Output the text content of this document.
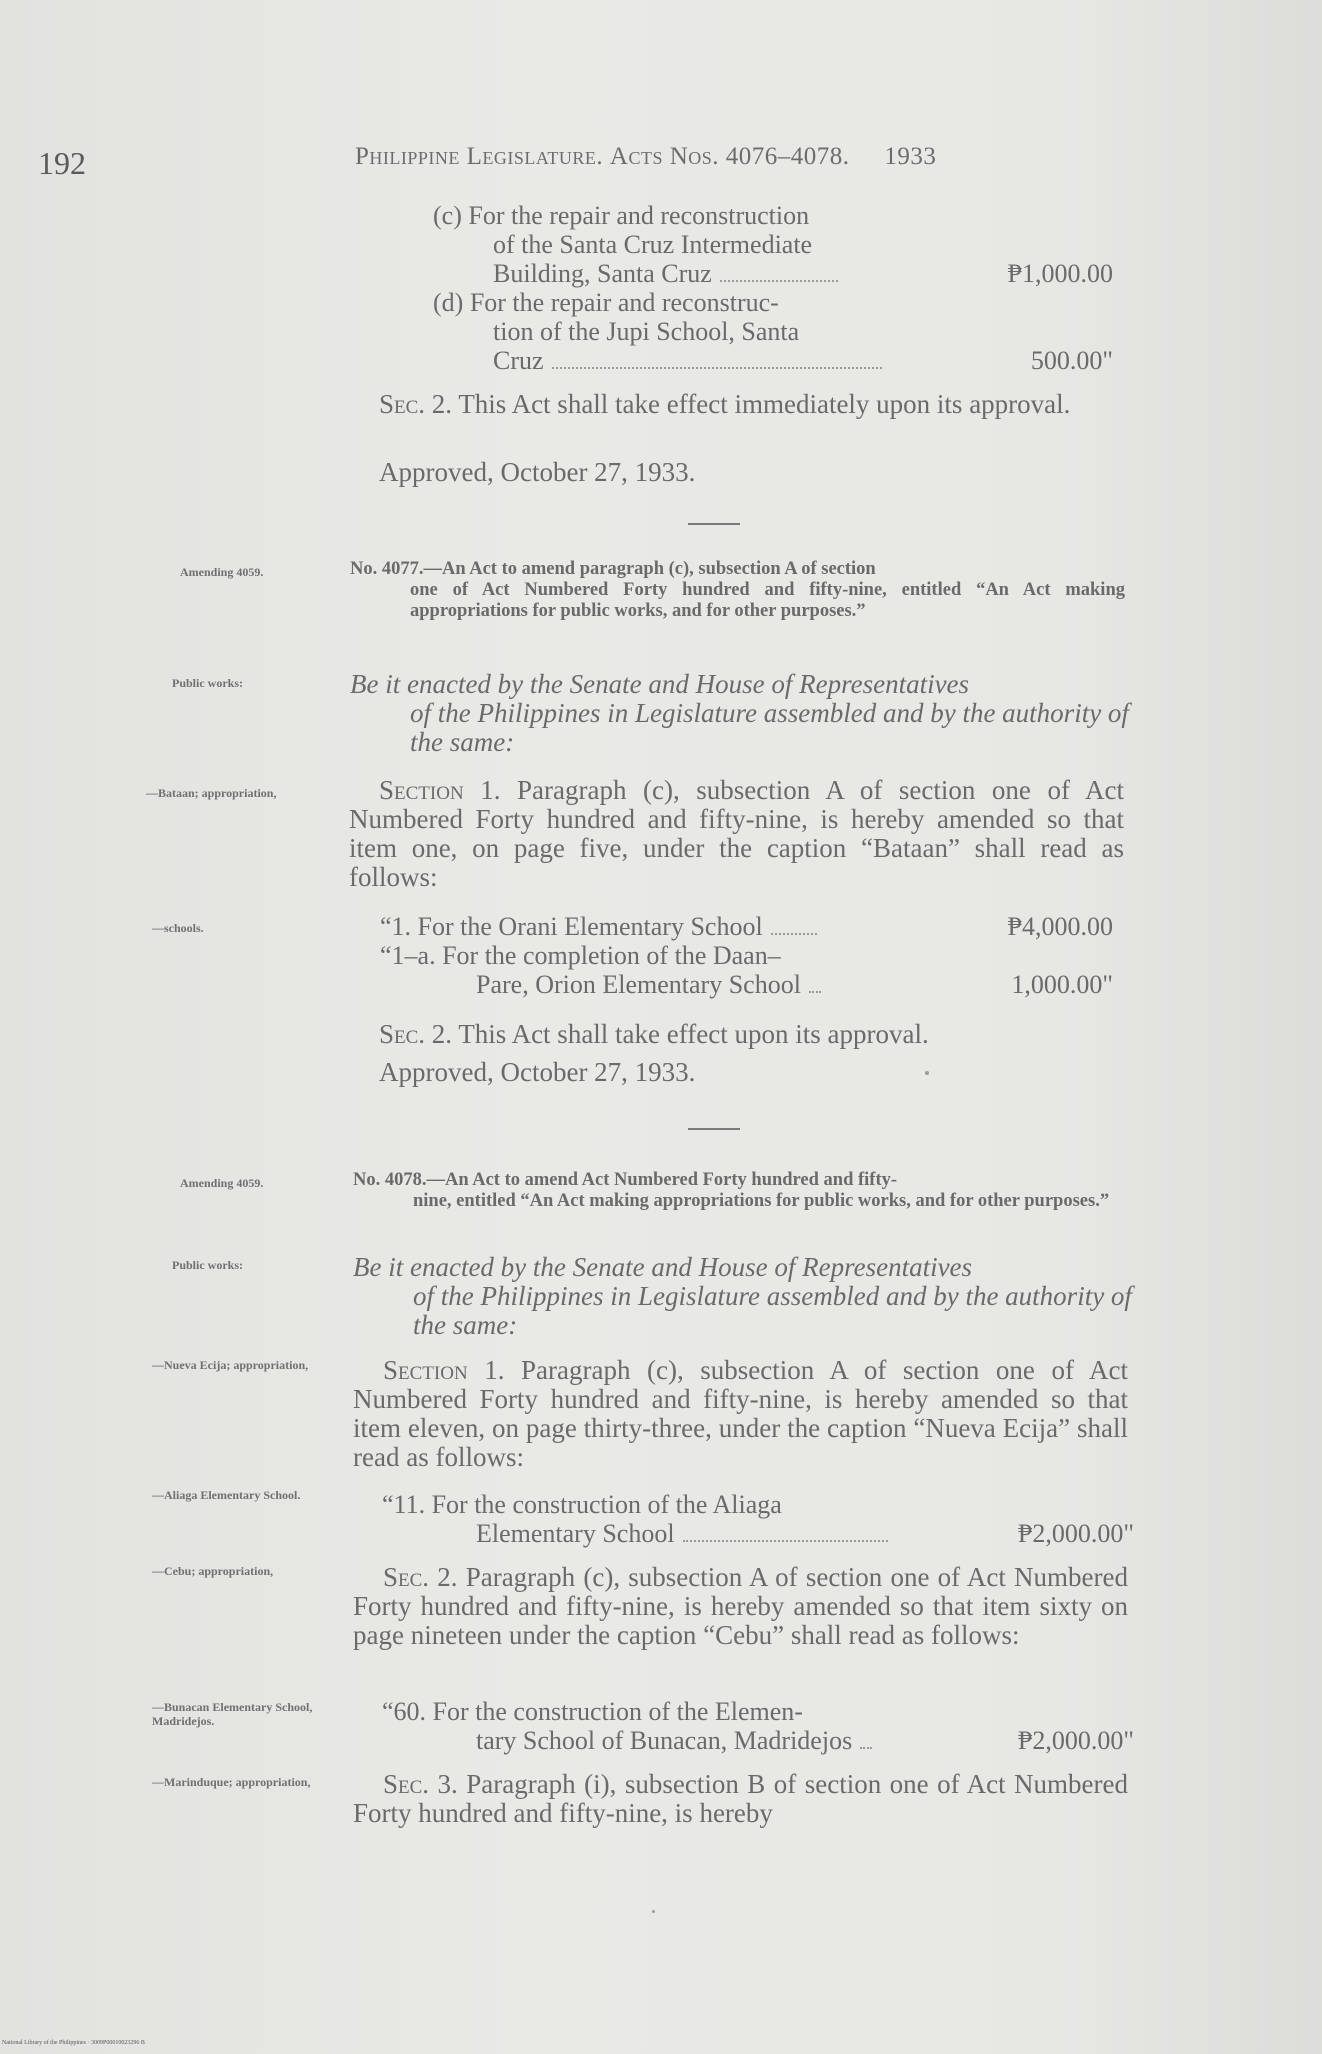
192	Philippine Legislature. Acts Nos. 4076–4078. 1933
(c) For the repair and reconstruction
of the Santa Cruz Intermediate
Building, Santa Cruz	₱1,000.00
(d) For the repair and reconstruc-
tion of the Jupi School, Santa
Cruz	500.00"
Sec. 2. This Act shall take effect immediately upon its approval.
Approved, October 27, 1933.
Amending 4059.	No. 4077.—An Act to amend paragraph (c), subsection A of section
one of Act Numbered Forty hundred and fifty-nine, entitled “An Act making appropriations for public works, and for other purposes.”
Public works:	Be it enacted by the Senate and House of Representatives
of the Philippines in Legislature assembled and by the authority of the same:
—Bataan; appropriation,	Section 1. Paragraph (c), subsection A of section one of Act Numbered Forty hundred and fifty-nine, is hereby amended so that item one, on page five, under the caption “Bataan” shall read as follows:
—schools.	“1. For the Orani Elementary School	₱4,000.00
“1–a. For the completion of the Daan–
Pare, Orion Elementary School	1,000.00"
Sec. 2. This Act shall take effect upon its approval.
Approved, October 27, 1933.
Amending 4059.	No. 4078.—An Act to amend Act Numbered Forty hundred and fifty-
nine, entitled “An Act making appropriations for public works, and for other purposes.”
Public works:	Be it enacted by the Senate and House of Representatives
of the Philippines in Legislature assembled and by the authority of the same:
—Nueva Ecija; appropriation,	Section 1. Paragraph (c), subsection A of section one of Act Numbered Forty hundred and fifty-nine, is hereby amended so that item eleven, on page thirty-three, under the caption “Nueva Ecija” shall read as follows:
—Aliaga Elementary School.	“11. For the construction of the Aliaga
Elementary School	₱2,000.00"
—Cebu; appropriation,	Sec. 2. Paragraph (c), subsection A of section one of Act Numbered Forty hundred and fifty-nine, is hereby amended so that item sixty on page nineteen under the caption “Cebu” shall read as follows:
—Bunacan Elementary School, Madridejos.	“60. For the construction of the Elemen-
tary School of Bunacan, Madridejos	₱2,000.00"
—Marinduque; appropriation,	Sec. 3. Paragraph (i), subsection B of section one of Act Numbered Forty hundred and fifty-nine, is hereby
National Library of the Philippines · 3009P00010023296 B
